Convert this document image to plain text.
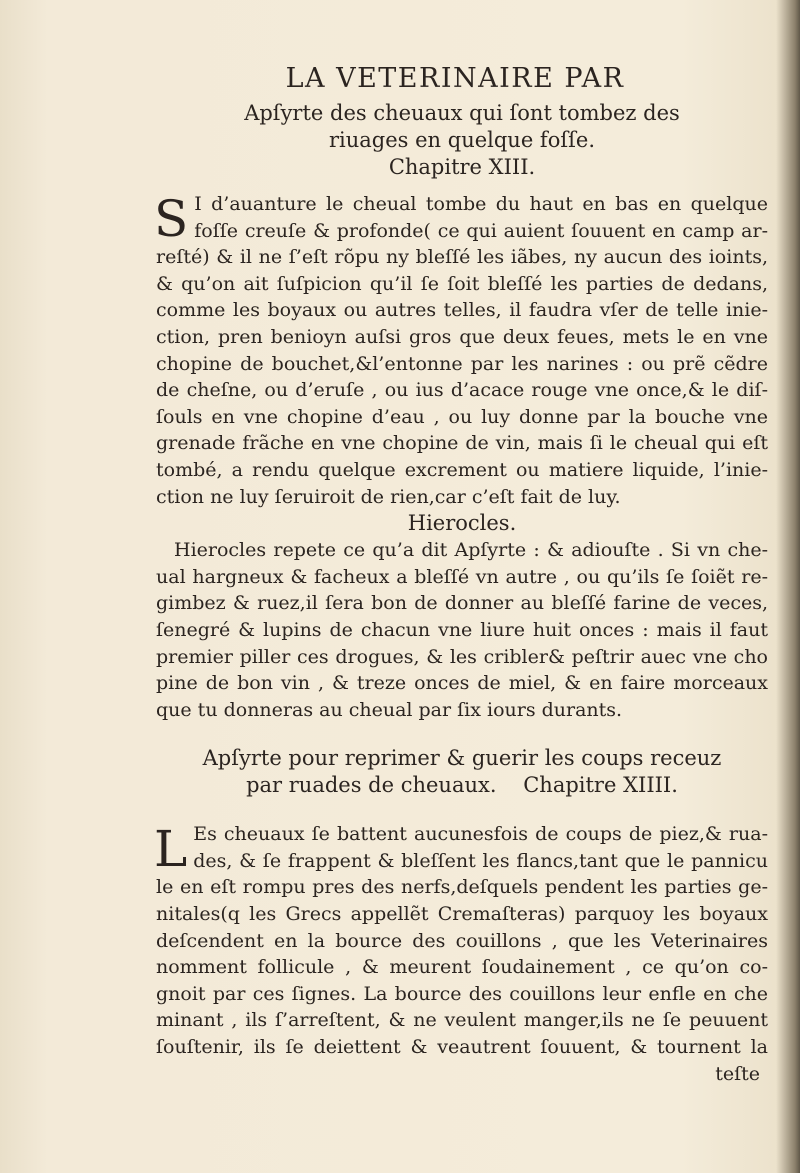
LA VETERINAIRE PAR

Apſyrte des cheuaux qui ſont tombez des

riuages en quelque foſſe.

Chapitre XIII.

S I d’auanture le cheual tombe du haut en bas en quelque
foſſe creuſe & profonde( ce qui auient ſouuent en camp ar-
reſté) & il ne ſ’eſt rõpu ny bleſſé les iãbes, ny aucun des ioints,
& qu’on ait ſuſpicion qu’il ſe ſoit bleſſé les parties de dedans,
comme les boyaux ou autres telles, il faudra vſer de telle inie-
ction, pren benioyn auſsi gros que deux feues, mets le en vne
chopine de bouchet,&l’entonne par les narines : ou prẽ cẽdre
de cheſne, ou d’eruſe , ou ius d’acace rouge vne once,& le diſ-
ſouls en vne chopine d’eau , ou luy donne par la bouche vne
grenade frãche en vne chopine de vin, mais ſi le cheual qui eſt
tombé, a rendu quelque excrement ou matiere liquide, l’inie-
ction ne luy ſeruiroit de rien,car c’eſt fait de luy.

Hierocles.

Hierocles repete ce qu’a dit Apſyrte : & adiouſte . Si vn che-
ual hargneux & facheux a bleſſé vn autre , ou qu’ils ſe ſoiẽt re-
gimbez & ruez,il ſera bon de donner au bleſſé farine de veces,
ſenegré & lupins de chacun vne liure huit onces : mais il faut
premier piller ces drogues, & les cribler& peſtrir auec vne cho
pine de bon vin , & treze onces de miel, & en faire morceaux
que tu donneras au cheual par ſix iours durants.

Apſyrte pour reprimer & guerir les coups receuz

par ruades de cheuaux.    Chapitre XIIII.

L Es cheuaux ſe battent aucunesfois de coups de piez,& rua-
des, & ſe frappent & bleſſent les flancs,tant que le pannicu
le en eſt rompu pres des nerfs,deſquels pendent les parties ge-
nitales(q les Grecs appellẽt Cremaſteras) parquoy les boyaux
deſcendent en la bource des couillons , que les Veterinaires
nomment follicule , & meurent ſoudainement , ce qu’on co-
gnoit par ces ſignes. La bource des couillons leur enfle en che
minant , ils ſ’arreſtent, & ne veulent manger,ils ne ſe peuuent
ſouſtenir, ils ſe deiettent & veautrent ſouuent, & tournent la
teſte
